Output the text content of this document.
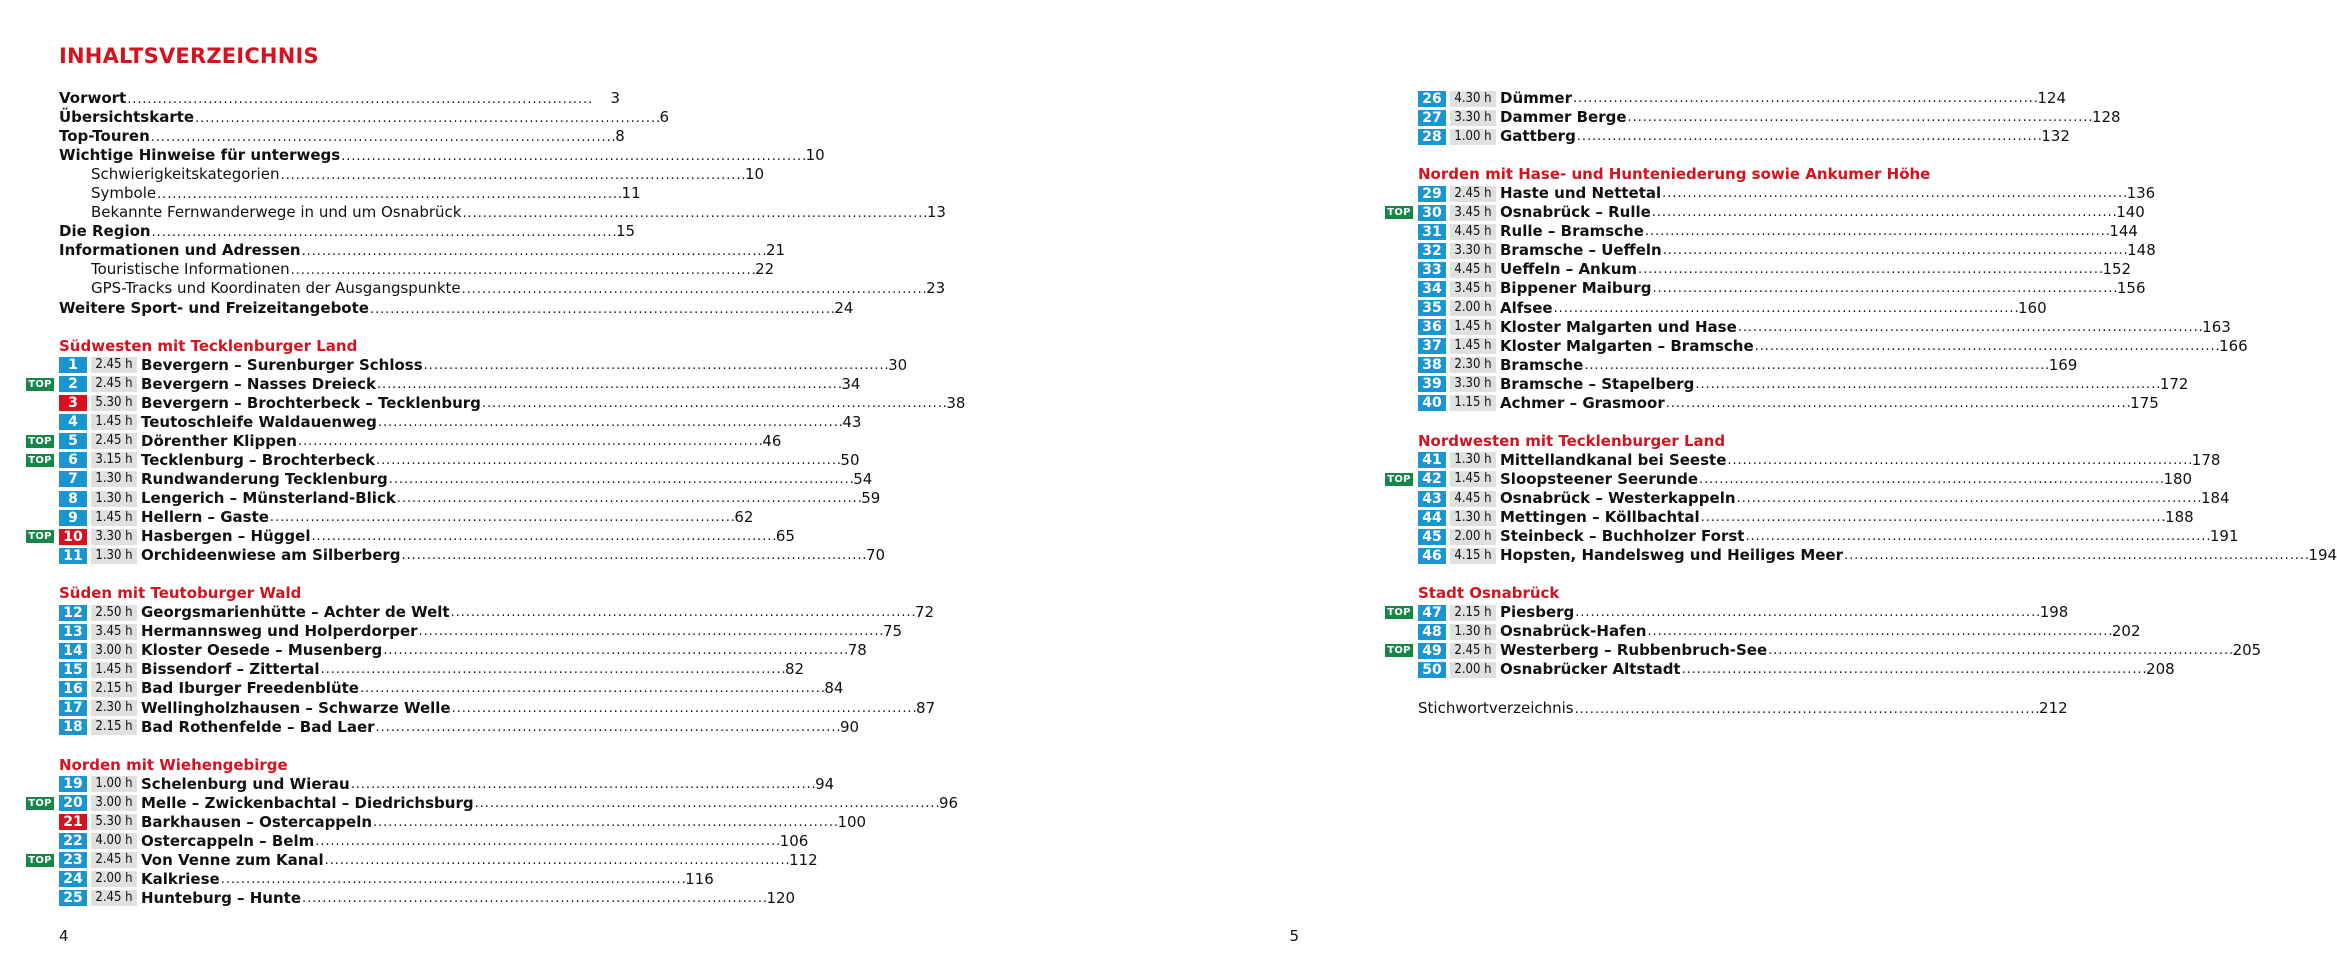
INHALTSVERZEICHNIS
Vorwort . . .	3
Übersichtskarte . . .	6
Top-Touren . . .	8
Wichtige Hinweise für unterwegs . . .	10
Schwierigkeitskategorien . . .	10
Symbole . . .	11
Bekannte Fernwanderwege in und um Osnabrück . . .	13
Die Region . . .	15
Informationen und Adressen . . .	21
Touristische Informationen . . .	22
GPS-Tracks und Koordinaten der Ausgangspunkte . . .	23
Weitere Sport- und Freizeitangebote . . .	24
Südwesten mit Tecklenburger Land
1	2.45 h Bevergern – Surenburger Schloss . . .	30
TOP	2	2.45 h Bevergern – Nasses Dreieck . . .	34
3	5.30 h Bevergern – Brochterbeck – Tecklenburg . . .	38
4	1.45 h Teutoschleife Waldauenweg . . .	43
TOP	5	2.45 h Dörenther Klippen . . .	46
TOP	6	3.15 h Tecklenburg – Brochterbeck . . .	50
7	1.30 h Rundwanderung Tecklenburg . . .	54
8	1.30 h Lengerich – Münsterland-Blick . . .	59
9	1.45 h Hellern – Gaste . . .	62
TOP 10 3.30 h Hasbergen – Hüggel . . .	65
11 1.30 h Orchideenwiese am Silberberg . . .	70
Süden mit Teutoburger Wald
12 2.50 h Georgsmarienhütte – Achter de Welt . . .	72
13 3.45 h Hermannsweg und Holperdorper . . .	75
14 3.00 h Kloster Oesede – Musenberg . . .	78
15 1.45 h Bissendorf – Zittertal . . .	82
16 2.15 h Bad Iburger Freedenblüte . . .	84
17 2.30 h Wellingholzhausen – Schwarze Welle . . .	87
18 2.15 h Bad Rothenfelde – Bad Laer . . .	90
Norden mit Wiehengebirge
19 1.00 h Schelenburg und Wierau . . .	94
TOP 20 3.00 h Melle – Zwickenbachtal – Diedrichsburg . . .	96
21 5.30 h Barkhausen – Ostercappeln . . .	100
22 4.00 h Ostercappeln – Belm . . .	106
TOP 23 2.45 h Von Venne zum Kanal . . .	112
24 2.00 h Kalkriese . . .	116
25 2.45 h Hunteburg – Hunte . . .	120
4
26 4.30 h Dümmer . . .	124
27 3.30 h Dammer Berge . . .	128
28 1.00 h Gattberg . . .	132
Norden mit Hase- und Hunteniederung sowie Ankumer Höhe
29 2.45 h Haste und Nettetal . . .	136
TOP 30 3.45 h Osnabrück – Rulle . . .	140
31 4.45 h Rulle – Bramsche . . .	144
32 3.30 h Bramsche – Ueffeln . . .	148
33 4.45 h Ueffeln – Ankum . . .	152
34 3.45 h Bippener Maiburg . . .	156
35 2.00 h Alfsee . . .	160
36 1.45 h Kloster Malgarten und Hase . . .	163
37 1.45 h Kloster Malgarten – Bramsche . . .	166
38 2.30 h Bramsche . . .	169
39 3.30 h Bramsche – Stapelberg . . .	172
40 1.15 h Achmer – Grasmoor . . .	175
Nordwesten mit Tecklenburger Land
41 1.30 h Mittellandkanal bei Seeste . . .	178
TOP 42 1.45 h Sloopsteener Seerunde . . .	180
43 4.45 h Osnabrück – Westerkappeln . . .	184
44 1.30 h Mettingen – Köllbachtal . . .	188
45 2.00 h Steinbeck – Buchholzer Forst . . .	191
46 4.15 h Hopsten, Handelsweg und Heiliges Meer . . .	194
Stadt Osnabrück
TOP 47 2.15 h Piesberg . . .	198
48 1.30 h Osnabrück-Hafen . . .	202
TOP 49 2.45 h Westerberg – Rubbenbruch-See . . .	205
50 2.00 h Osnabrücker Altstadt . . .	208
Stichwortverzeichnis . . .	212
5
